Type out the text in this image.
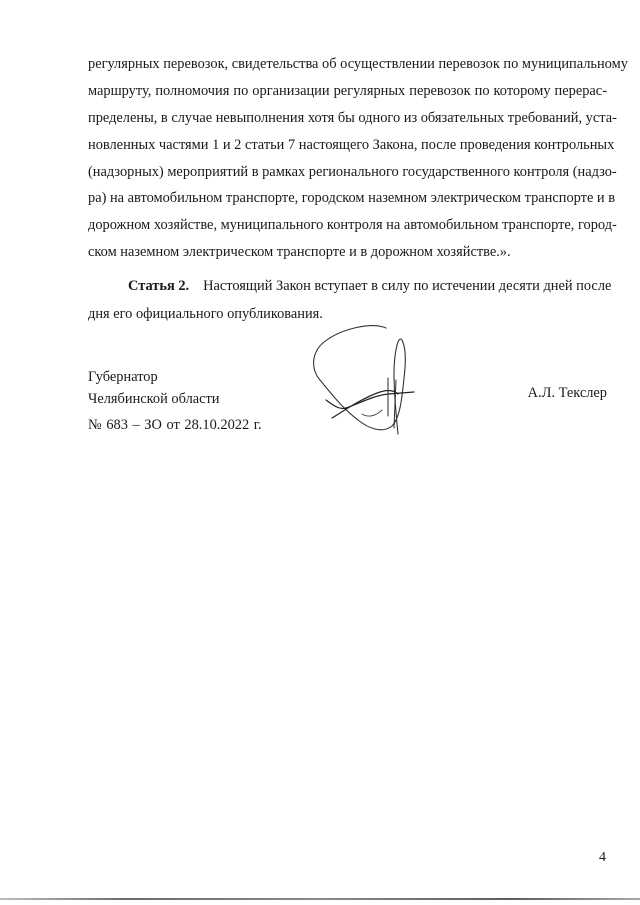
регулярных перевозок, свидетельства об осуществлении перевозок по муниципальному
маршруту, полномочия по организации регулярных перевозок по которому перерас-
пределены, в случае невыполнения хотя бы одного из обязательных требований, уста-
новленных частями 1 и 2 статьи 7 настоящего Закона, после проведения контрольных
(надзорных) мероприятий в рамках регионального государственного контроля (надзо-
ра) на автомобильном транспорте, городском наземном электрическом транспорте и в
дорожном хозяйстве, муниципального контроля на автомобильном транспорте, город-
ском наземном электрическом транспорте и в дорожном хозяйстве.».
Статья 2. Настоящий Закон вступает в силу по истечении десяти дней после
дня его официального опубликования.
Губернатор
Челябинской области	А.Л. Текслер
№ 683 – ЗО от 28.10.2022 г.
4
